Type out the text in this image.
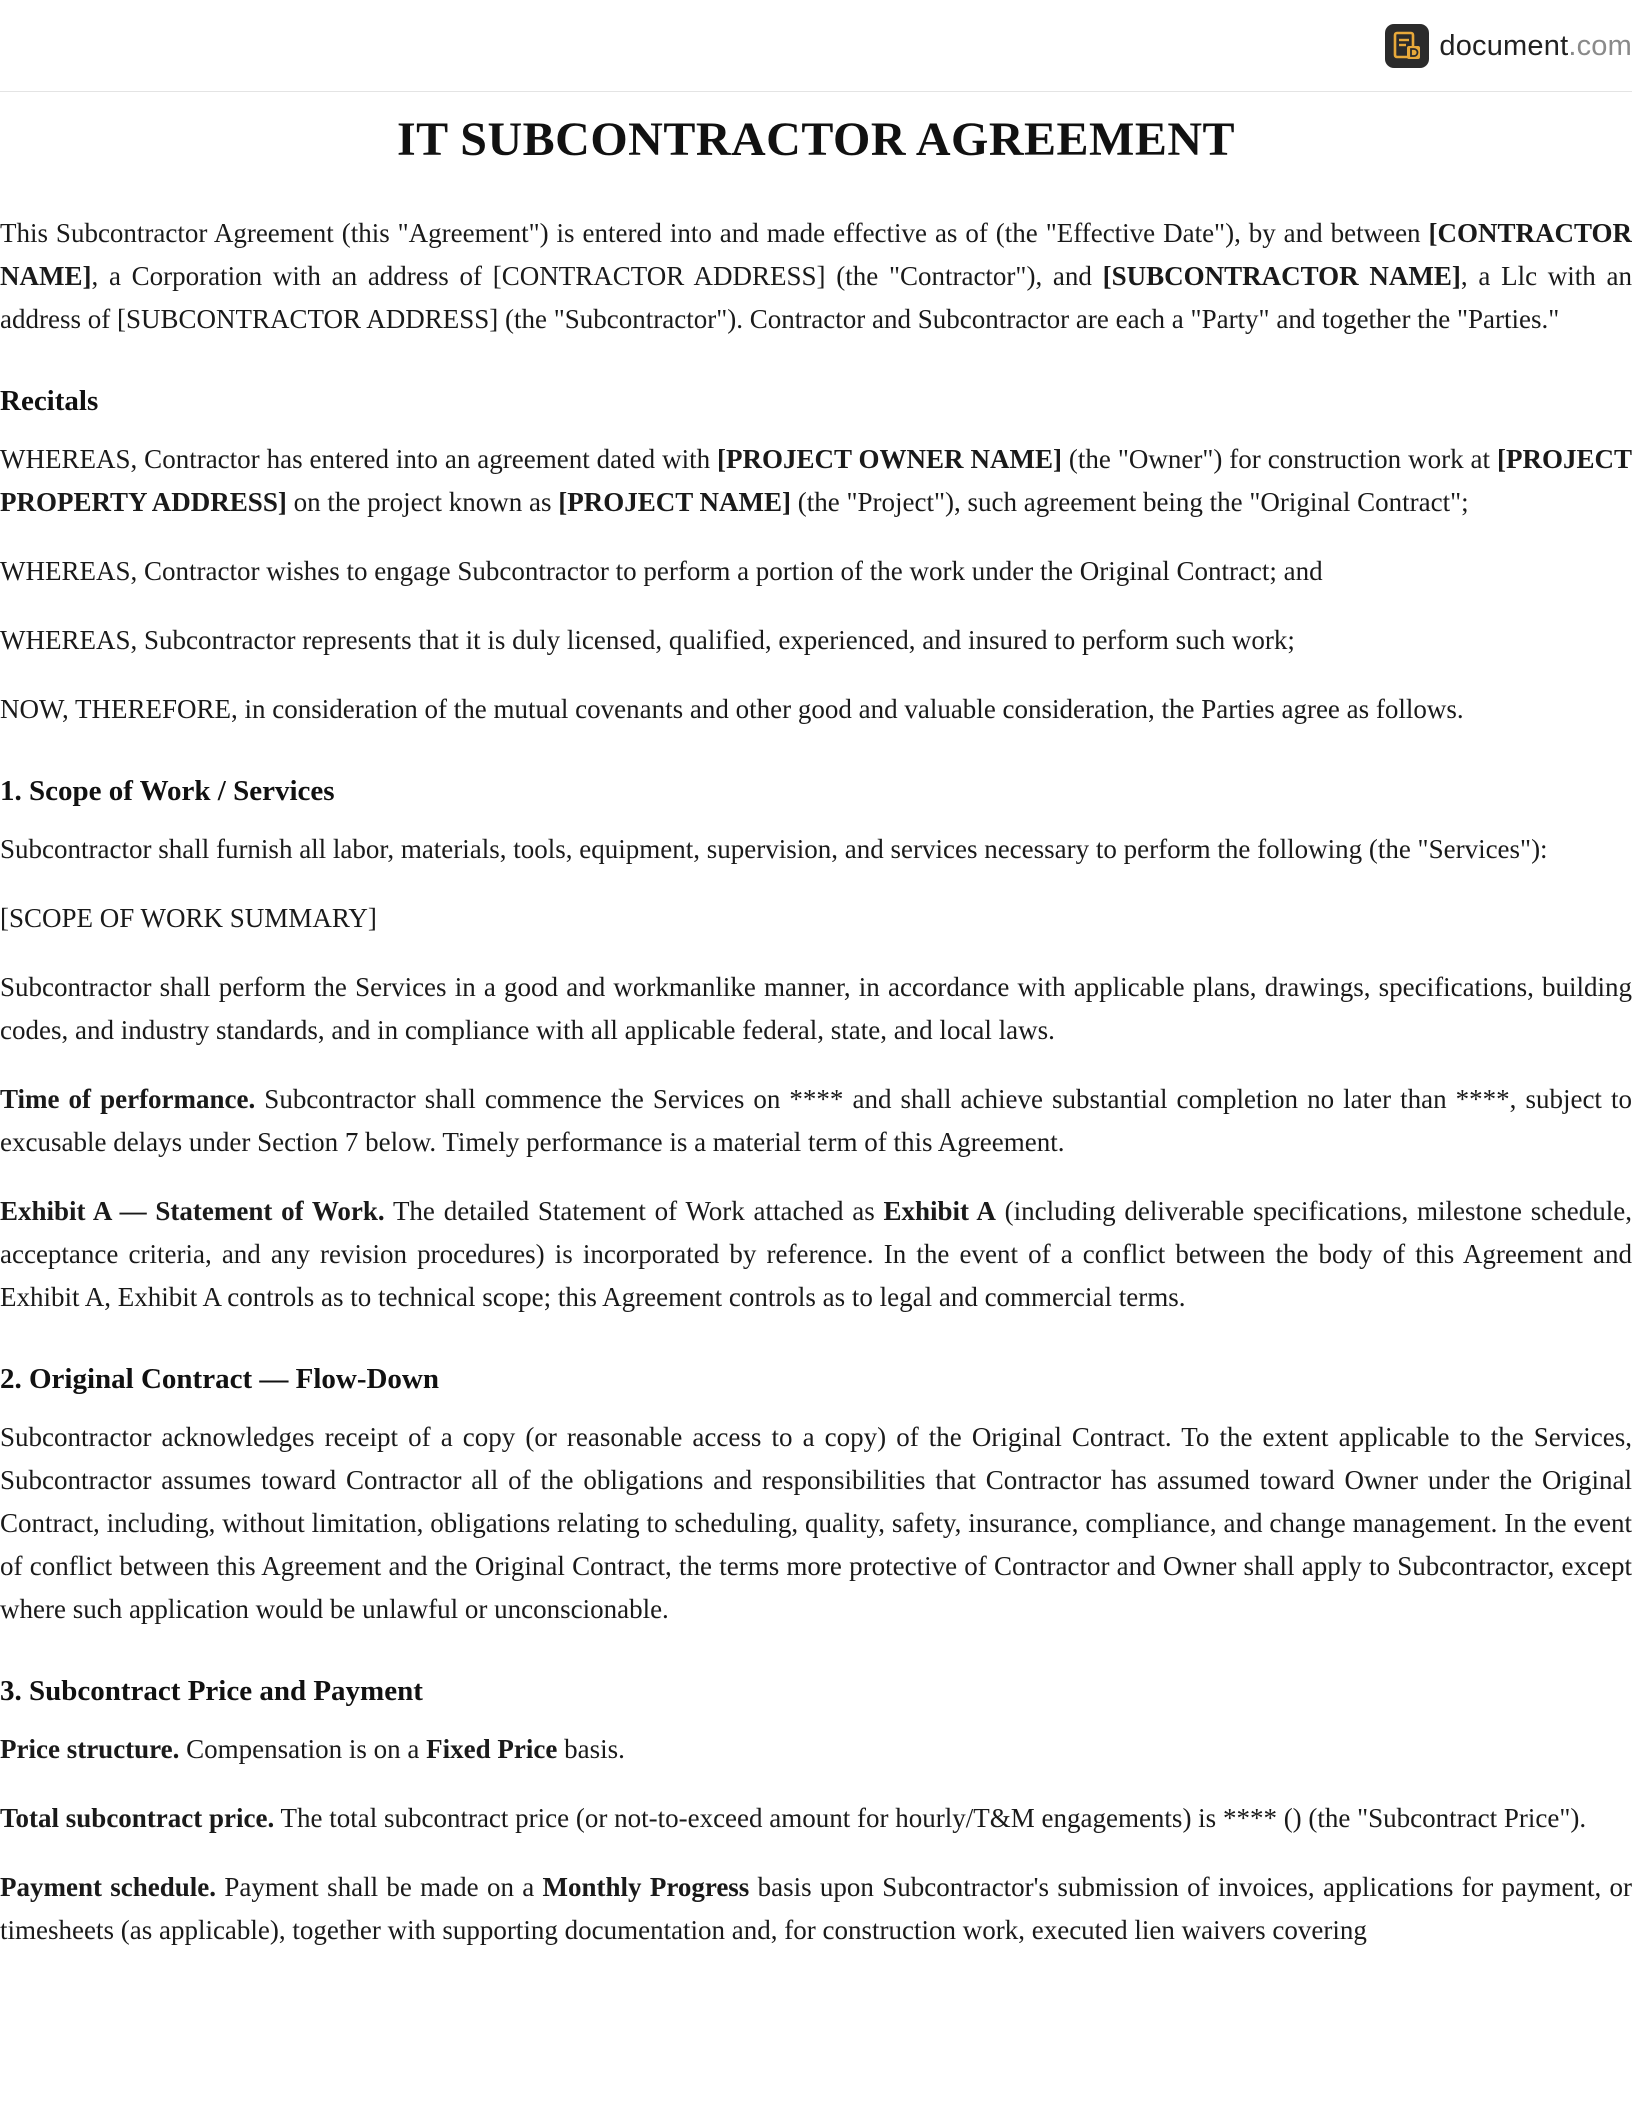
document.com
IT SUBCONTRACTOR AGREEMENT

This Subcontractor Agreement (this "Agreement") is entered into and made effective as of (the "Effective Date"), by and between [CONTRACTOR NAME], a Corporation with an address of [CONTRACTOR ADDRESS] (the "Contractor"), and [SUBCONTRACTOR NAME], a Llc with an address of [SUBCONTRACTOR ADDRESS] (the "Subcontractor"). Contractor and Subcontractor are each a "Party" and together the "Parties."

Recitals

WHEREAS, Contractor has entered into an agreement dated with [PROJECT OWNER NAME] (the "Owner") for construction work at [PROJECT PROPERTY ADDRESS] on the project known as [PROJECT NAME] (the "Project"), such agreement being the "Original Contract";

WHEREAS, Contractor wishes to engage Subcontractor to perform a portion of the work under the Original Contract; and

WHEREAS, Subcontractor represents that it is duly licensed, qualified, experienced, and insured to perform such work;

NOW, THEREFORE, in consideration of the mutual covenants and other good and valuable consideration, the Parties agree as follows.

1. Scope of Work / Services

Subcontractor shall furnish all labor, materials, tools, equipment, supervision, and services necessary to perform the following (the "Services"):

[SCOPE OF WORK SUMMARY]

Subcontractor shall perform the Services in a good and workmanlike manner, in accordance with applicable plans, drawings, specifications, building codes, and industry standards, and in compliance with all applicable federal, state, and local laws.

Time of performance. Subcontractor shall commence the Services on **** and shall achieve substantial completion no later than ****, subject to excusable delays under Section 7 below. Timely performance is a material term of this Agreement.

Exhibit A — Statement of Work. The detailed Statement of Work attached as Exhibit A (including deliverable specifications, milestone schedule, acceptance criteria, and any revision procedures) is incorporated by reference. In the event of a conflict between the body of this Agreement and Exhibit A, Exhibit A controls as to technical scope; this Agreement controls as to legal and commercial terms.

2. Original Contract — Flow-Down

Subcontractor acknowledges receipt of a copy (or reasonable access to a copy) of the Original Contract. To the extent applicable to the Services, Subcontractor assumes toward Contractor all of the obligations and responsibilities that Contractor has assumed toward Owner under the Original Contract, including, without limitation, obligations relating to scheduling, quality, safety, insurance, compliance, and change management. In the event of conflict between this Agreement and the Original Contract, the terms more protective of Contractor and Owner shall apply to Subcontractor, except where such application would be unlawful or unconscionable.

3. Subcontract Price and Payment

Price structure. Compensation is on a Fixed Price basis.

Total subcontract price. The total subcontract price (or not-to-exceed amount for hourly/T&M engagements) is **** () (the "Subcontract Price").

Payment schedule. Payment shall be made on a Monthly Progress basis upon Subcontractor's submission of invoices, applications for payment, or timesheets (as applicable), together with supporting documentation and, for construction work, executed lien waivers covering
